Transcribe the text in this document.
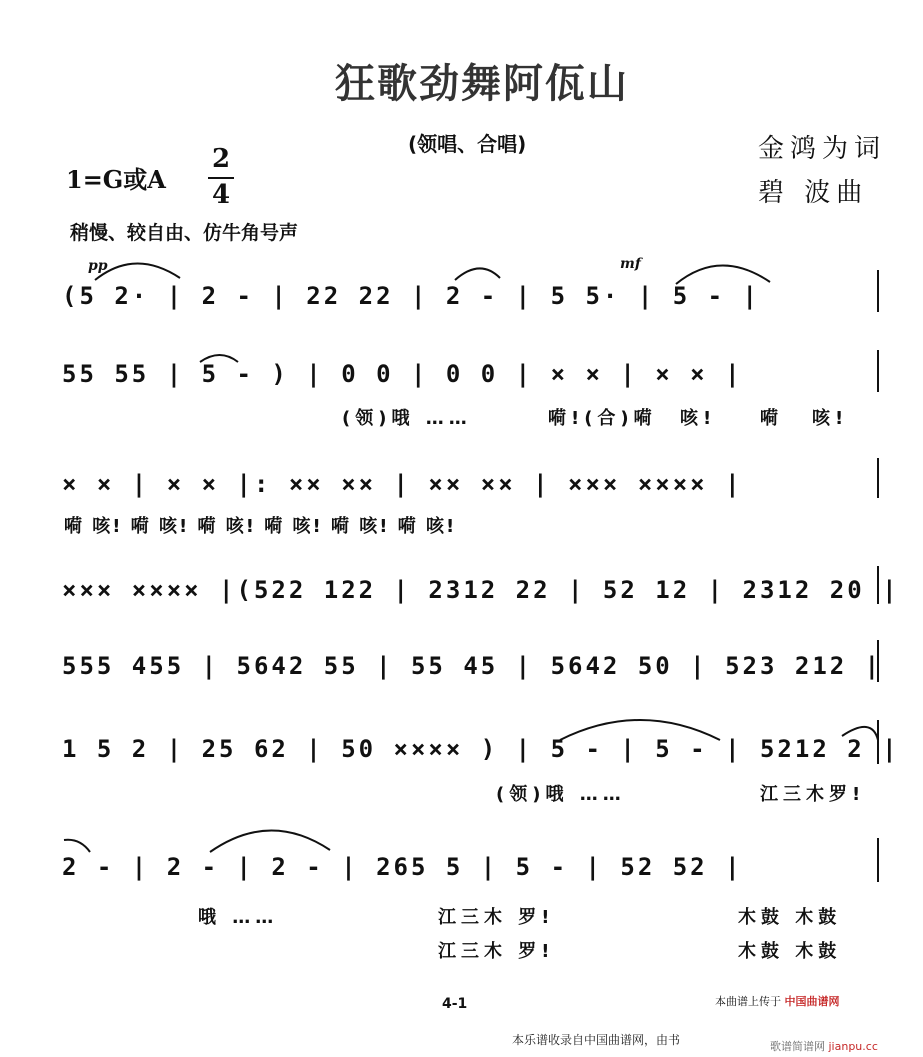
狂歌劲舞阿佤山
(领唱、合唱)	金鸿为词
碧 波曲
1=G或A
2
4
稍慢、较自由、仿牛角号声
pp	mf
(5 2· | 2 - | 22 22 | 2 - | 5 5· | 5 - |
55 55 | 5 - ) | 0 0 | 0 0 | × × | × × |
× × | × × |: ×× ×× | ×× ×× | ××× ×××× |
××× ×××× |(522 122 | 2312 22 | 52 12 | 2312 20 |
555 455 | 5642 55 | 55 45 | 5642 50 | 523 212 |
1 5 2 | 25 62 | 50 ×××× ) | 5 - | 5 - | 5212 2 |
2 - | 2 - | 2 - | 265 5 | 5 - | 52 52 |
(领)哦 ……	嗬!(合)嗬 咳! 嗬 咳!
嗬 咳! 嗬 咳! 嗬 咳! 嗬 咳! 嗬 咳! 嗬 咳!
(领)哦 ……	江三木罗!
哦 ……	江三木 罗!	木鼓 木鼓
江三木 罗!	木鼓 木鼓
4-1	本曲谱上传于 中国曲谱网
本乐谱收录自中国曲谱网，由书	歌谱简谱网 jianpu.cc
